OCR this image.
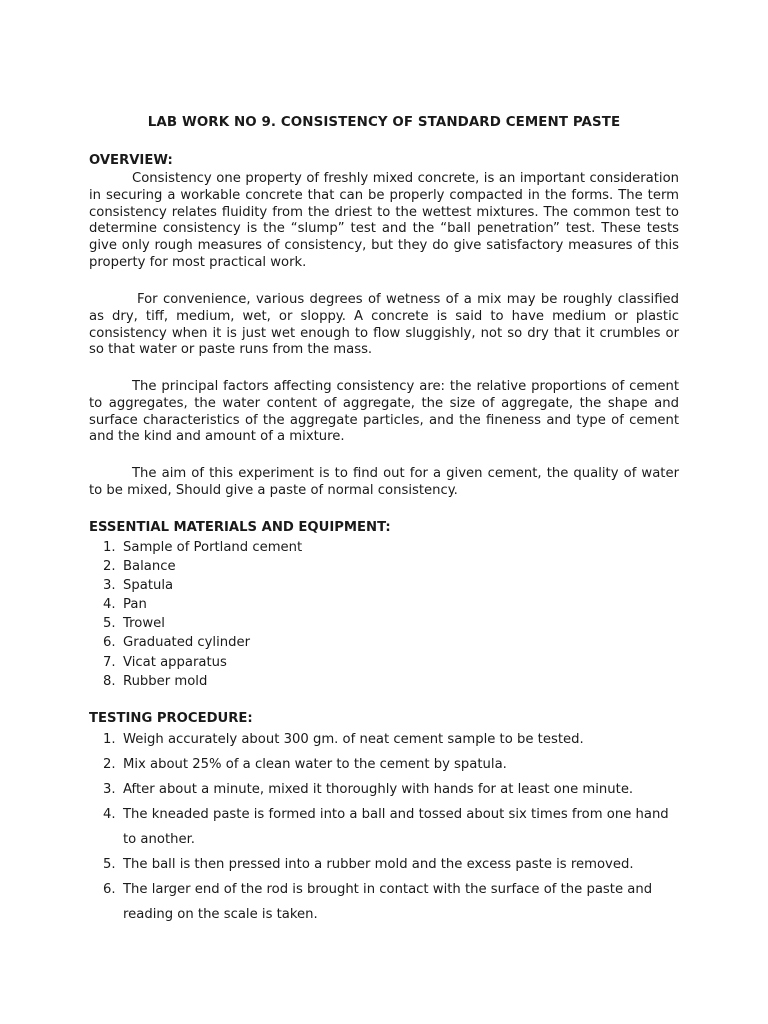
LAB WORK NO 9. CONSISTENCY OF STANDARD CEMENT PASTE
OVERVIEW:

Consistency one property of freshly mixed concrete, is an important consideration in securing a workable concrete that can be properly compacted in the forms. The term consistency relates fluidity from the driest to the wettest mixtures. The common test to determine consistency is the “slump” test and the “ball penetration” test. These tests give only rough measures of consistency, but they do give satisfactory measures of this property for most practical work.

For convenience, various degrees of wetness of a mix may be roughly classified as dry, tiff, medium, wet, or sloppy. A concrete is said to have medium or plastic consistency when it is just wet enough to flow sluggishly, not so dry that it crumbles or so that water or paste runs from the mass.

The principal factors affecting consistency are: the relative proportions of cement to aggregates, the water content of aggregate, the size of aggregate, the shape and surface characteristics of the aggregate particles, and the fineness and type of cement and the kind and amount of a mixture.

The aim of this experiment is to find out for a given cement, the quality of water to be mixed, Should give a paste of normal consistency.

ESSENTIAL MATERIALS AND EQUIPMENT:
1. Sample of Portland cement
2. Balance
3. Spatula
4. Pan
5. Trowel
6. Graduated cylinder
7. Vicat apparatus
8. Rubber mold
TESTING PROCEDURE:
1. Weigh accurately about 300 gm. of neat cement sample to be tested.
2. Mix about 25% of a clean water to the cement by spatula.
3. After about a minute, mixed it thoroughly with hands for at least one minute.
4. The kneaded paste is formed into a ball and tossed about six times from one hand to another.
5. The ball is then pressed into a rubber mold and the excess paste is removed.
6. The larger end of the rod is brought in contact with the surface of the paste and reading on the scale is taken.
